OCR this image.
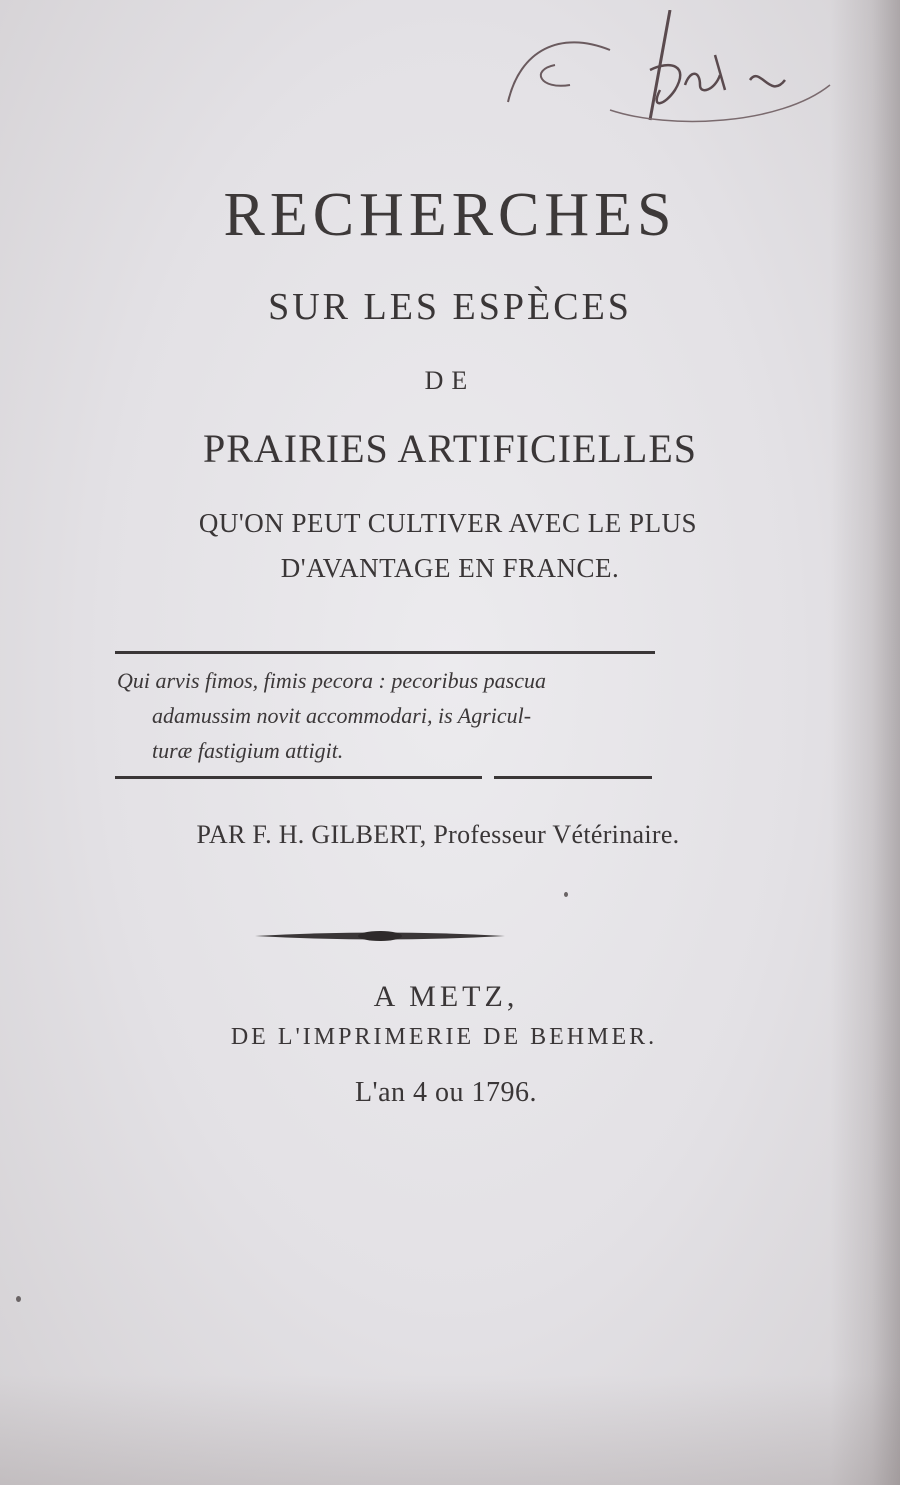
RECHERCHES
SUR LES ESPÈCES
DE
PRAIRIES ARTIFICIELLES
QU'ON PEUT CULTIVER AVEC LE PLUS
D'AVANTAGE EN FRANCE.
Qui arvis fimos, fimis pecora : pecoribus pascua
adamussim novit accommodari, is Agricul-
turæ fastigium attigit.
PAR F. H. GILBERT, Professeur Vétérinaire.
A METZ,
DE L'IMPRIMERIE DE BEHMER.
L'an 4 ou 1796.
